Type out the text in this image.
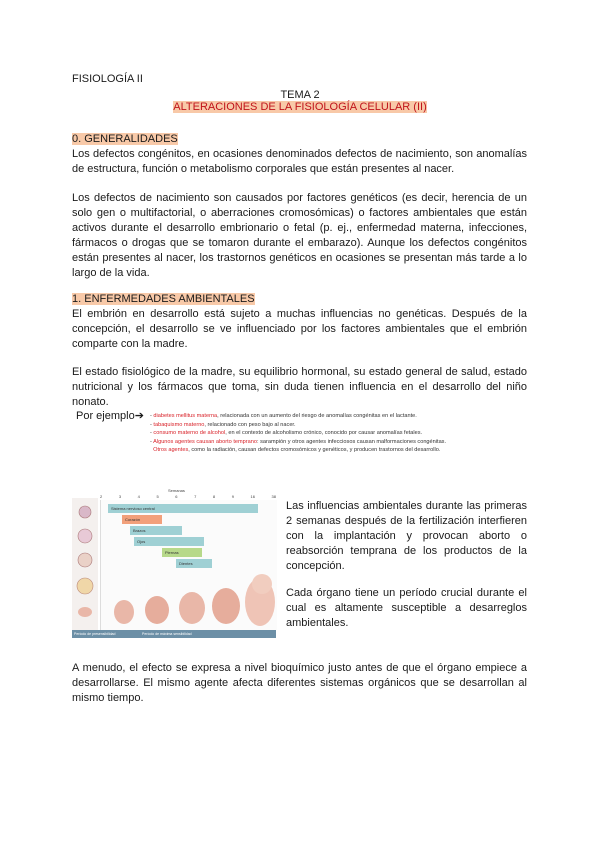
FISIOLOGÍA II
TEMA 2
ALTERACIONES DE LA FISIOLOGÍA CELULAR (II)
0. GENERALIDADES
Los defectos congénitos, en ocasiones denominados defectos de nacimiento, son anomalías de estructura, función o metabolismo corporales que están presentes al nacer.
Los defectos de nacimiento son causados por factores genéticos (es decir, herencia de un solo gen o multifactorial, o aberraciones cromosómicas) o factores ambientales que están activos durante el desarrollo embrionario o fetal (p. ej., enfermedad materna, infecciones, fármacos o drogas que se tomaron durante el embarazo). Aunque los defectos congénitos están presentes al nacer, los trastornos genéticos en ocasiones se presentan más tarde a lo largo de la vida.
1. ENFERMEDADES AMBIENTALES
El embrión en desarrollo está sujeto a muchas influencias no genéticas. Después de la concepción, el desarrollo se ve influenciado por los factores ambientales que el embrión comparte con la madre.
El estado fisiológico de la madre, su equilibrio hormonal, su estado general de salud, estado nutricional y los fármacos que toma, sin duda tienen influencia en el desarrollo del niño nonato.
Por ejemplo➔ - diabetes mellitus materna, relacionada con un aumento del riesgo de anomalías congénitas en el lactante.
- tabaquismo materno, relacionado con peso bajo al nacer.
- consumo materno de alcohol, en el contexto de alcoholismo crónico, conocido por causar anomalías fetales.
- Algunos agentes causan aborto temprano: sarampión y otros agentes infecciosos causan malformaciones congénitas.
Otros agentes, como la radiación, causan defectos cromosómicos y genéticos, y producen trastornos del desarrollo.
Semanas
2	3	4	5	6	7	8	9	16	38
Sistema nervioso central
Corazón
Brazos
Ojos
Piernas
Dientes
Período de presensibilidad	Período de máxima sensibilidad
Las influencias ambientales durante las primeras 2 semanas después de la fertilización interfieren con la implantación y provocan aborto o reabsorción temprana de los productos de la concepción.
Cada órgano tiene un período crucial durante el cual es altamente susceptible a desarreglos ambientales.
A menudo, el efecto se expresa a nivel bioquímico justo antes de que el órgano empiece a desarrollarse. El mismo agente afecta diferentes sistemas orgánicos que se desarrollan al mismo tiempo.
